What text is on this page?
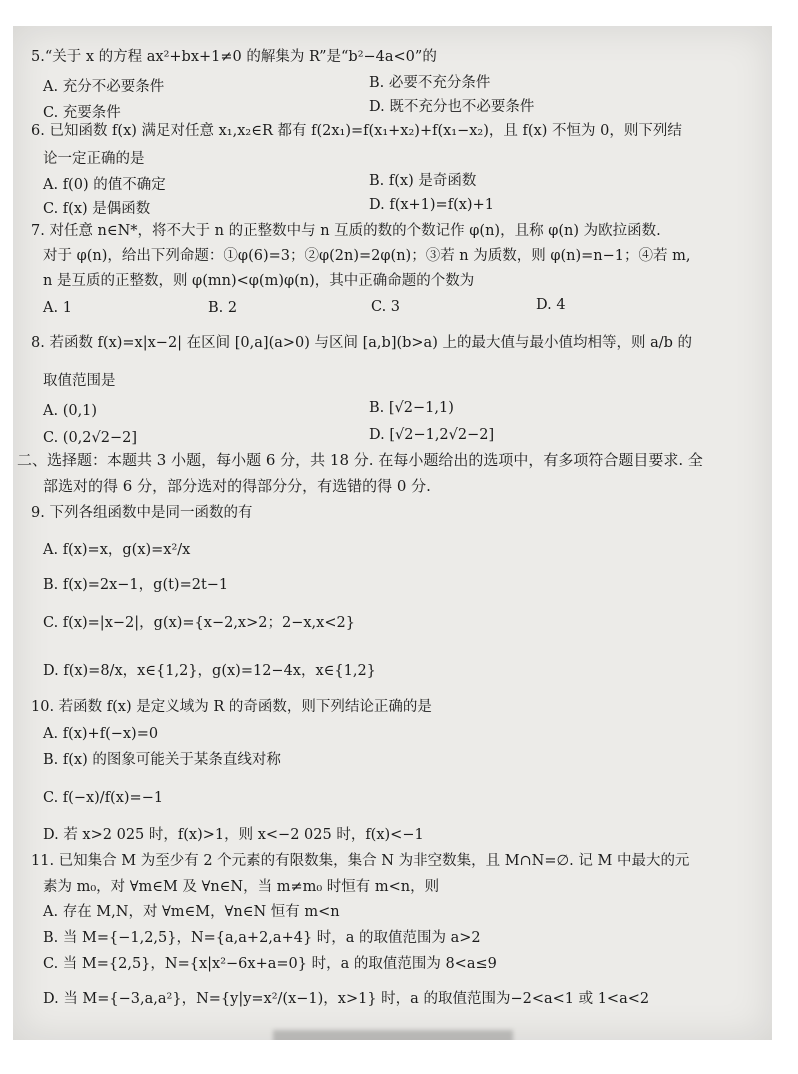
5.“关于 x 的方程 ax²+bx+1≠0 的解集为 R”是“b²−4a<0”的
A. 充分不必要条件	B. 必要不充分条件
C. 充要条件	D. 既不充分也不必要条件
6. 已知函数 f(x) 满足对任意 x₁,x₂∈R 都有 f(2x₁)=f(x₁+x₂)+f(x₁−x₂)，且 f(x) 不恒为 0，则下列结
论一定正确的是
A. f(0) 的值不确定	B. f(x) 是奇函数
C. f(x) 是偶函数	D. f(x+1)=f(x)+1
7. 对任意 n∈N*，将不大于 n 的正整数中与 n 互质的数的个数记作 φ(n)，且称 φ(n) 为欧拉函数.
对于 φ(n)，给出下列命题：①φ(6)=3；②φ(2n)=2φ(n)；③若 n 为质数，则 φ(n)=n−1；④若 m,
n 是互质的正整数，则 φ(mn)<φ(m)φ(n)，其中正确命题的个数为
A. 1	B. 2	C. 3	D. 4
8. 若函数 f(x)=x|x−2| 在区间 [0,a](a>0) 与区间 [a,b](b>a) 上的最大值与最小值均相等，则 a/b 的
取值范围是
A. (0,1)	B. [√2−1,1)
C. (0,2√2−2]	D. [√2−1,2√2−2]
二、选择题：本题共 3 小题，每小题 6 分，共 18 分. 在每小题给出的选项中，有多项符合题目要求. 全
部选对的得 6 分，部分选对的得部分分，有选错的得 0 分.
9. 下列各组函数中是同一函数的有
A. f(x)=x，g(x)=x²/x
B. f(x)=2x−1，g(t)=2t−1
C. f(x)=|x−2|，g(x)={x−2,x>2；2−x,x<2}
D. f(x)=8/x，x∈{1,2}，g(x)=12−4x，x∈{1,2}
10. 若函数 f(x) 是定义域为 R 的奇函数，则下列结论正确的是
A. f(x)+f(−x)=0
B. f(x) 的图象可能关于某条直线对称
C. f(−x)/f(x)=−1
D. 若 x>2 025 时，f(x)>1，则 x<−2 025 时，f(x)<−1
11. 已知集合 M 为至少有 2 个元素的有限数集，集合 N 为非空数集，且 M∩N=∅. 记 M 中最大的元
素为 m₀，对 ∀m∈M 及 ∀n∈N，当 m≠m₀ 时恒有 m<n，则
A. 存在 M,N，对 ∀m∈M，∀n∈N 恒有 m<n
B. 当 M={−1,2,5}，N={a,a+2,a+4} 时，a 的取值范围为 a>2
C. 当 M={2,5}，N={x|x²−6x+a=0} 时，a 的取值范围为 8<a≤9
D. 当 M={−3,a,a²}，N={y|y=x²/(x−1)，x>1} 时，a 的取值范围为−2<a<1 或 1<a<2
